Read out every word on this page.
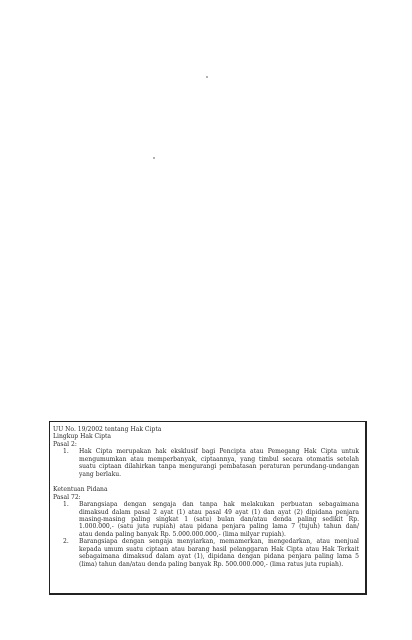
UU No. 19/2002 tentang Hak Cipta
Lingkup Hak Cipta
Pasal 2:
1.	Hak Cipta merupakan hak eksklusif bagi Pencipta atau Pemegang Hak Cipta untuk
mengumumkan atau memperbanyak, ciptaannya, yang timbul secara otomatis setelah
suatu ciptaan dilahirkan tanpa mengurangi pembatasan peraturan perundang-undangan
yang berlaku.
Ketentuan Pidana
Pasal 72:
1.	Barangsiapa dengan sengaja dan tanpa hak melakukan perbuatan sebagaimana
dimaksud dalam pasal 2 ayat (1) atau pasal 49 ayat (1) dan ayat (2) dipidana penjara
masing-masing paling singkat 1 (satu) bulan dan/atau denda paling sedikit Rp.
1.000.000,- (satu juta rupiah) atau pidana penjara paling lama 7 (tujuh) tahun dan/
atau denda paling banyak Rp. 5.000.000.000,- (lima milyar rupiah).
2.	Barangsiapa dengan sengaja menyiarkan, memamerkan, mengedarkan, atau menjual
kepada umum suatu ciptaan atau barang hasil pelanggaran Hak Cipta atau Hak Terkait
sebagaimana dimaksud dalam ayat (1), dipidana dengan pidana penjara paling lama 5
(lima) tahun dan/atau denda paling banyak Rp. 500.000.000,- (lima ratus juta rupiah).
